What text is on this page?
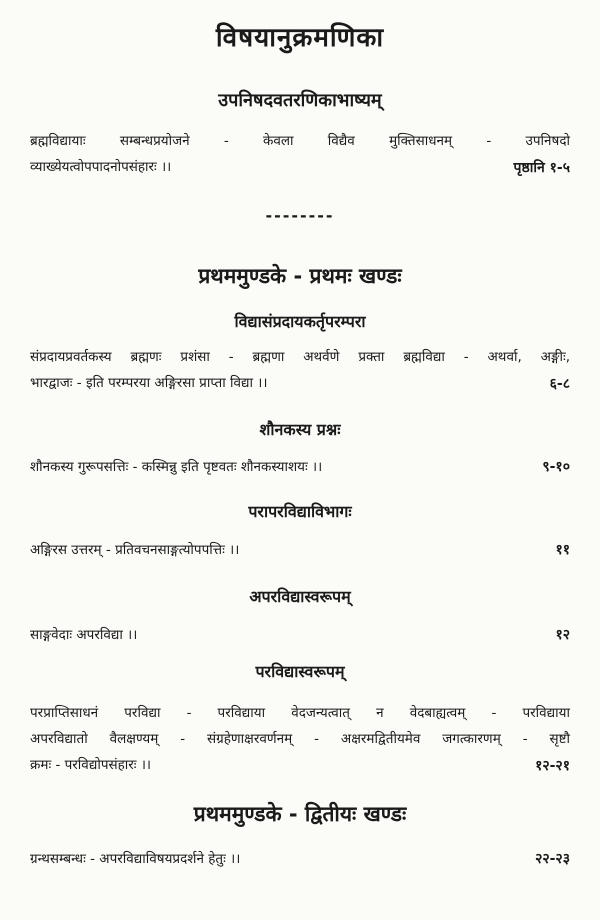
विषयानुक्रमणिका
उपनिषदवतरणिकाभाष्यम्
ब्रह्मविद्यायाः सम्बन्धप्रयोजने - केवला विद्यैव मुक्तिसाधनम् - उपनिषदो
व्याख्येयत्वोपपादनोपसंहारः ।।	पृष्ठानि १-५
--------
प्रथममुण्डके - प्रथमः खण्डः
विद्यासंप्रदायकर्तृपरम्परा
संप्रदायप्रवर्तकस्य ब्रह्मणः प्रशंसा - ब्रह्मणा अथर्वणे प्रक्ता ब्रह्मविद्या - अथर्वा, अङ्गीः,
भारद्वाजः - इति परम्परया अङ्गिरसा प्राप्ता विद्या ।।	६-८
शौनकस्य प्रश्नः
शौनकस्य गुरूपसत्तिः - कस्मिन्नु इति पृष्टवतः शौनकस्याशयः ।।	९-१०
परापरविद्याविभागः
अङ्गिरस उत्तरम् - प्रतिवचनसाङ्गत्योपपत्तिः ।।	११
अपरविद्यास्वरूपम्
साङ्गवेदाः अपरविद्या ।।	१२
परविद्यास्वरूपम्
परप्राप्तिसाधनं परविद्या - परविद्याया वेदजन्यत्वात् न वेदबाह्यत्वम् - परविद्याया
अपरविद्यातो वैलक्षण्यम् - संग्रहेणाक्षरवर्णनम् - अक्षरमद्वितीयमेव जगत्कारणम् - सृष्टौ
क्रमः - परविद्योपसंहारः ।।	१२-२१
प्रथममुण्डके - द्वितीयः खण्डः
ग्रन्थसम्बन्धः - अपरविद्याविषयप्रदर्शने हेतुः ।।	२२-२३
